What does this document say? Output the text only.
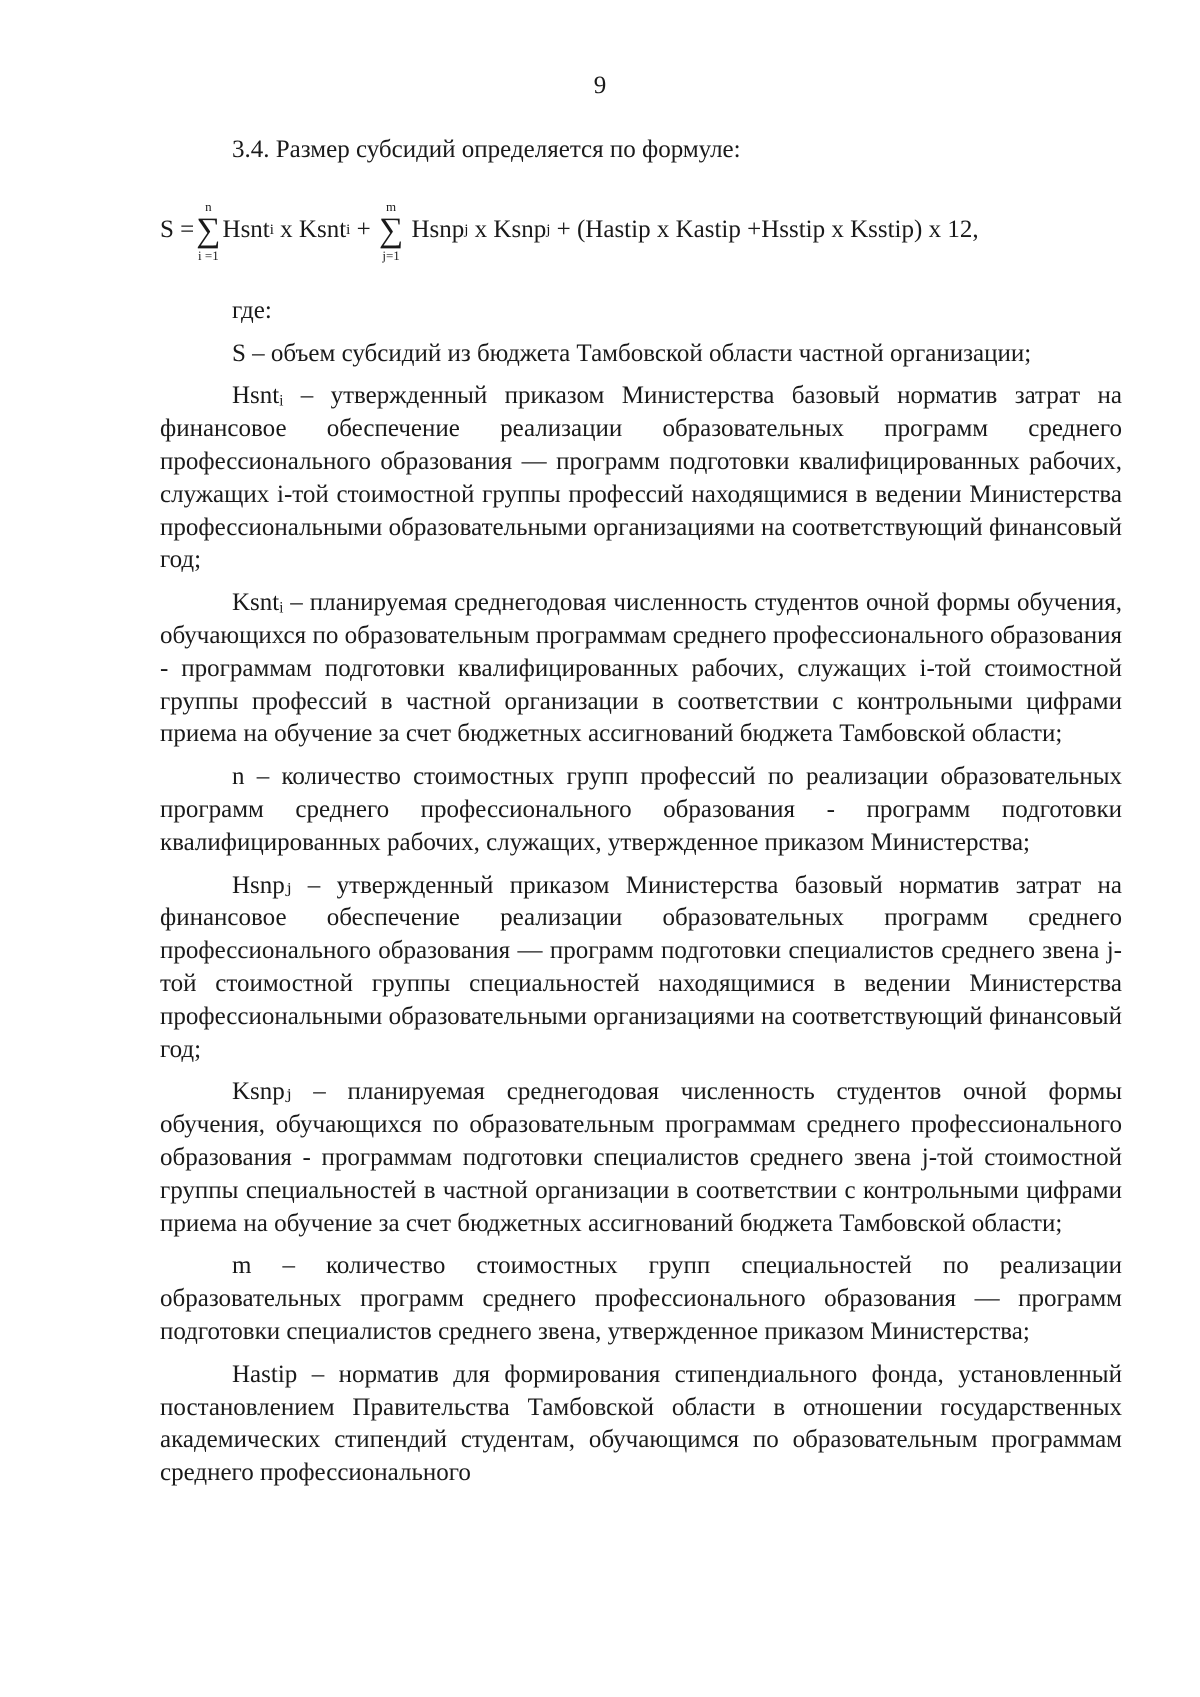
9

3.4. Размер субсидий определяется по формуле:

S =
n
∑
i =1
Hsnt i x Ksnt i +
m
∑
j=1
Hsnp j x Ksnp j + (Hastip x Kastip +Hsstip x Ksstip) x 12,

где:

S – объем субсидий из бюджета Тамбовской области частной организации;

Hsntᵢ – утвержденный приказом Министерства базовый норматив затрат на финансовое обеспечение реализации образовательных программ среднего профессионального образования — программ подготовки квалифицированных рабочих, служащих i-той стоимостной группы профессий находящимися в ведении Министерства профессиональными образовательными организациями на соответствующий финансовый год;

Ksntᵢ – планируемая среднегодовая численность студентов очной формы обучения, обучающихся по образовательным программам среднего профессионального образования - программам подготовки квалифицированных рабочих, служащих i-той стоимостной группы профессий в частной организации в соответствии с контрольными цифрами приема на обучение за счет бюджетных ассигнований бюджета Тамбовской области;

n – количество стоимостных групп профессий по реализации образовательных программ среднего профессионального образования - программ подготовки квалифицированных рабочих, служащих, утвержденное приказом Министерства;

Hsnpⱼ – утвержденный приказом Министерства базовый норматив затрат на финансовое обеспечение реализации образовательных программ среднего профессионального образования — программ подготовки специалистов среднего звена j-той стоимостной группы специальностей находящимися в ведении Министерства профессиональными образовательными организациями на соответствующий финансовый год;

Ksnpⱼ – планируемая среднегодовая численность студентов очной формы обучения, обучающихся по образовательным программам среднего профессионального образования - программам подготовки специалистов среднего звена j-той стоимостной группы специальностей в частной организации в соответствии с контрольными цифрами приема на обучение за счет бюджетных ассигнований бюджета Тамбовской области;

m – количество стоимостных групп специальностей по реализации образовательных программ среднего профессионального образования — программ подготовки специалистов среднего звена, утвержденное приказом Министерства;

Hastip – норматив для формирования стипендиального фонда, установленный постановлением Правительства Тамбовской области в отношении государственных академических стипендий студентам, обучающимся по образовательным программам среднего профессионального
